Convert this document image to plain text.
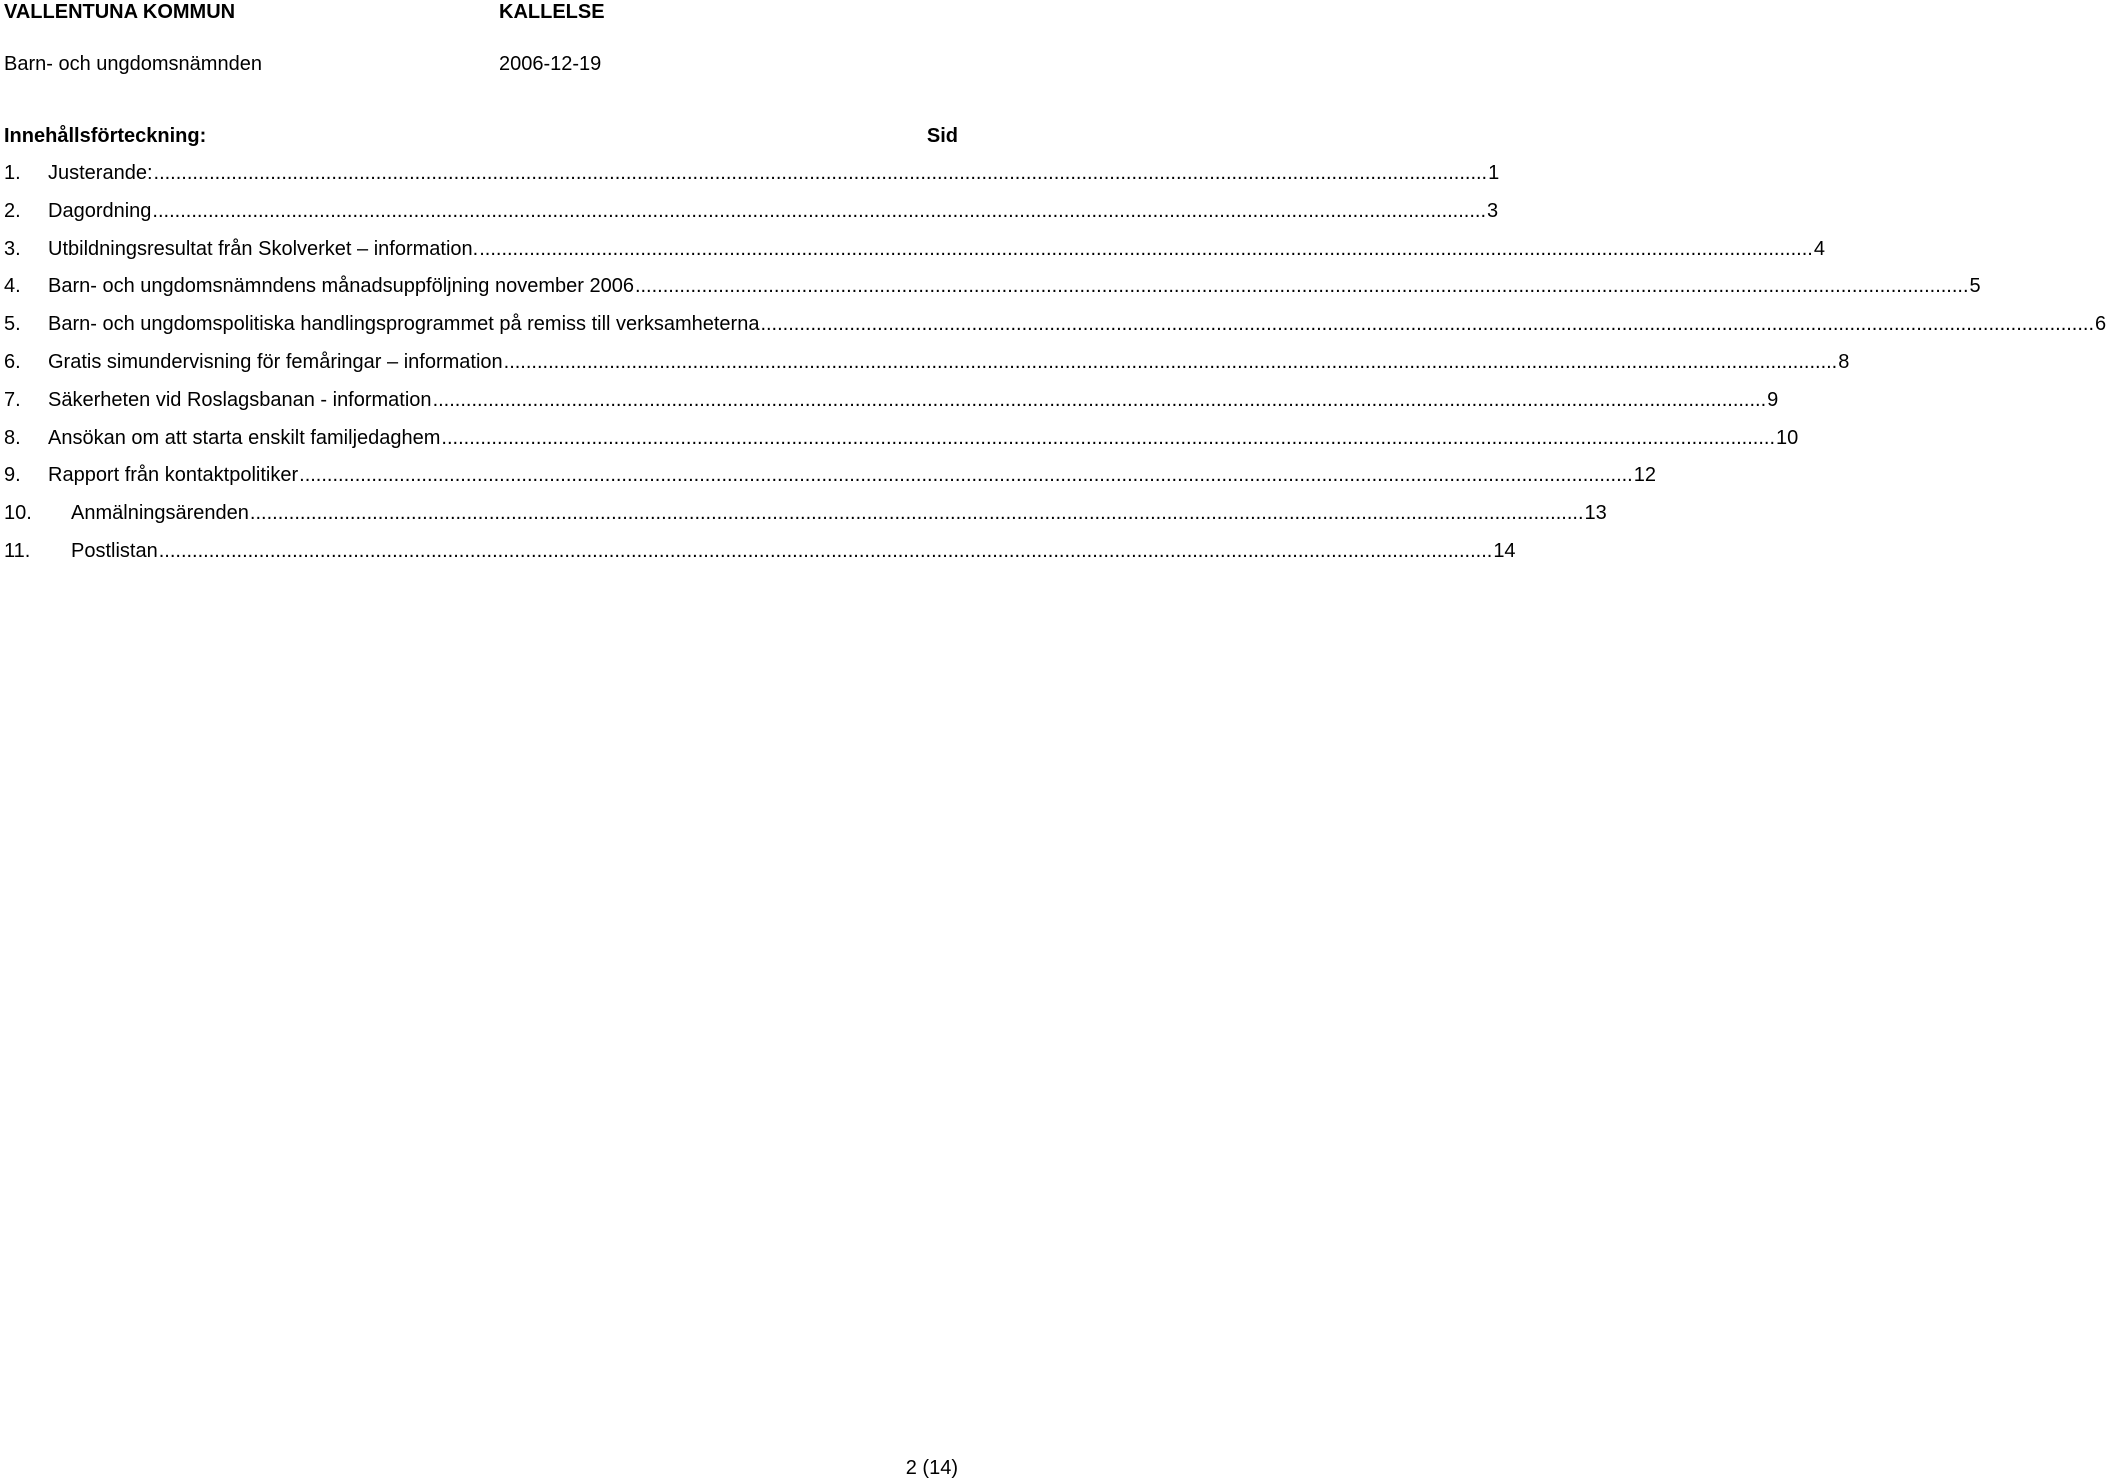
VALLENTUNA KOMMUN	KALLELSE
Barn- och ungdomsnämnden	2006-12-19
Innehållsförteckning:	Sid
1.	Justerande: .....	1
2.	Dagordning .....	3
3.	Utbildningsresultat från Skolverket – information. .....	4
4.	Barn- och ungdomsnämndens månadsuppföljning november 2006 .....	5
5.	Barn- och ungdomspolitiska handlingsprogrammet på remiss till verksamheterna .....	6
6.	Gratis simundervisning för femåringar – information .....	8
7.	Säkerheten vid Roslagsbanan - information .....	9
8.	Ansökan om att starta enskilt familjedaghem .....	10
9.	Rapport från kontaktpolitiker .....	12
10.	Anmälningsärenden .....	13
11.	Postlistan .....	14
2 (14)
